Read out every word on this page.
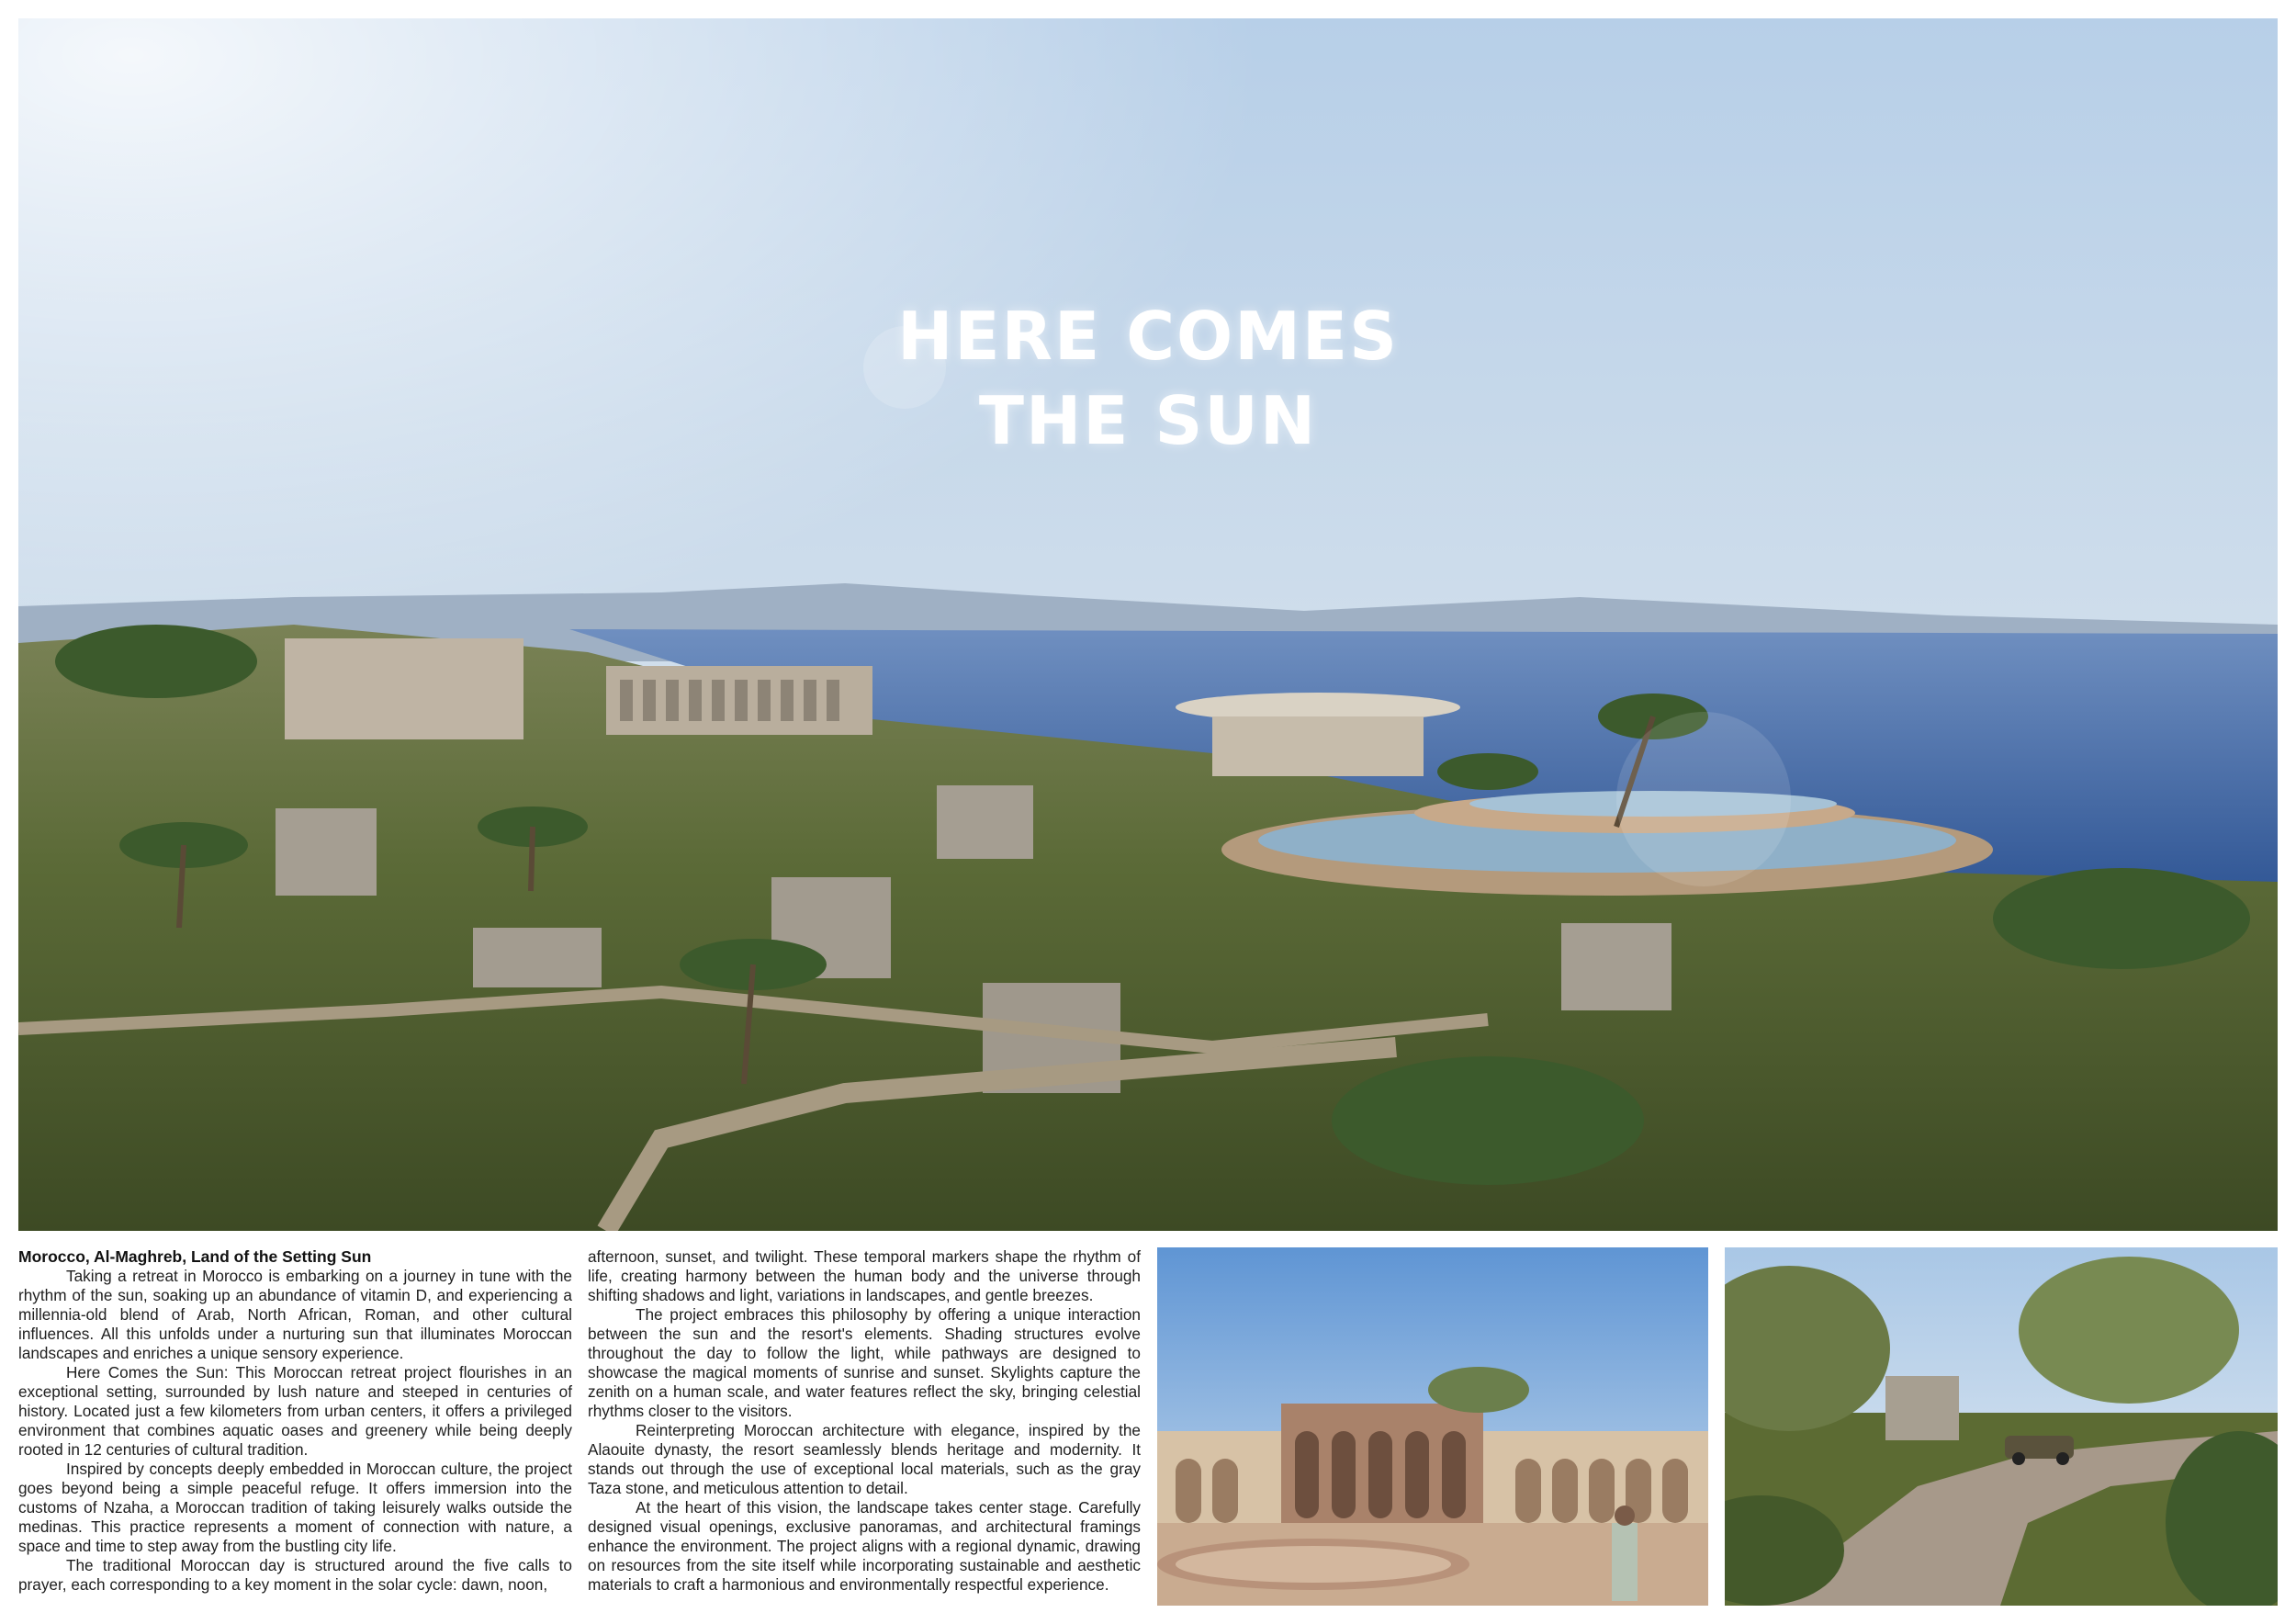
HERE COMES
THE SUN
Morocco, Al-Maghreb, Land of the Setting Sun

Taking a retreat in Morocco is embarking on a journey in tune with the rhythm of the sun, soaking up an abundance of vitamin D, and experiencing a millennia-old blend of Arab, North African, Roman, and other cultural influences. All this unfolds under a nurturing sun that illuminates Moroccan landscapes and enriches a unique sensory experience.

Here Comes the Sun: This Moroccan retreat project flourishes in an exceptional setting, surrounded by lush nature and steeped in centuries of history. Located just a few kilometers from urban centers, it offers a privileged environment that combines aquatic oases and greenery while being deeply rooted in 12 centuries of cultural tradition.

Inspired by concepts deeply embedded in Moroccan culture, the project goes beyond being a simple peaceful refuge. It offers immersion into the customs of Nzaha, a Moroccan tradition of taking leisurely walks outside the medinas. This practice represents a moment of connection with nature, a space and time to step away from the bustling city life.

The traditional Moroccan day is structured around the five calls to prayer, each corresponding to a key moment in the solar cycle: dawn, noon,

afternoon, sunset, and twilight. These temporal markers shape the rhythm of life, creating harmony between the human body and the universe through shifting shadows and light, variations in landscapes, and gentle breezes.

The project embraces this philosophy by offering a unique interaction between the sun and the resort's elements. Shading structures evolve throughout the day to follow the light, while pathways are designed to showcase the magical moments of sunrise and sunset. Skylights capture the zenith on a human scale, and water features reflect the sky, bringing celestial rhythms closer to the visitors.

Reinterpreting Moroccan architecture with elegance, inspired by the Alaouite dynasty, the resort seamlessly blends heritage and modernity. It stands out through the use of exceptional local materials, such as the gray Taza stone, and meticulous attention to detail.

At the heart of this vision, the landscape takes center stage. Carefully designed visual openings, exclusive panoramas, and architectural framings enhance the environment. The project aligns with a regional dynamic, drawing on resources from the site itself while incorporating sustainable and aesthetic materials to craft a harmonious and environmentally respectful experience.
